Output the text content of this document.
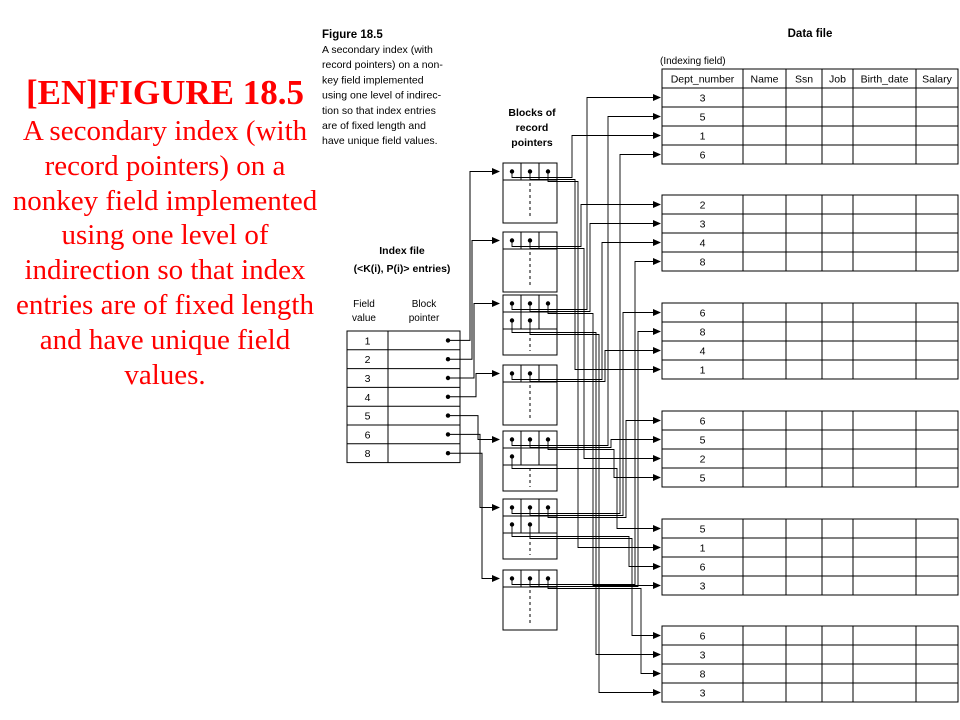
[EN]FIGURE 18.5
A secondary index (with record pointers) on a nonkey field implemented using one level of indirection so that index entries are of fixed length and have unique field values.
Figure 18.5
A secondary index (with
record pointers) on a non-
key field implemented
using one level of indirec-
tion so that index entries
are of fixed length and
have unique field values.
Data file
(Indexing field)
Blocks of
record
pointers
Index file
(<K(i), P(i)> entries)
Field
value
Block
pointer
Dept_number Name Ssn Job Birth_date Salary
3
5
1
6
2
3
4
8
6
8
4
1
6
5
2
5
5
1
6
3
6
3
8
3
1
2
3
4
5
6
8
